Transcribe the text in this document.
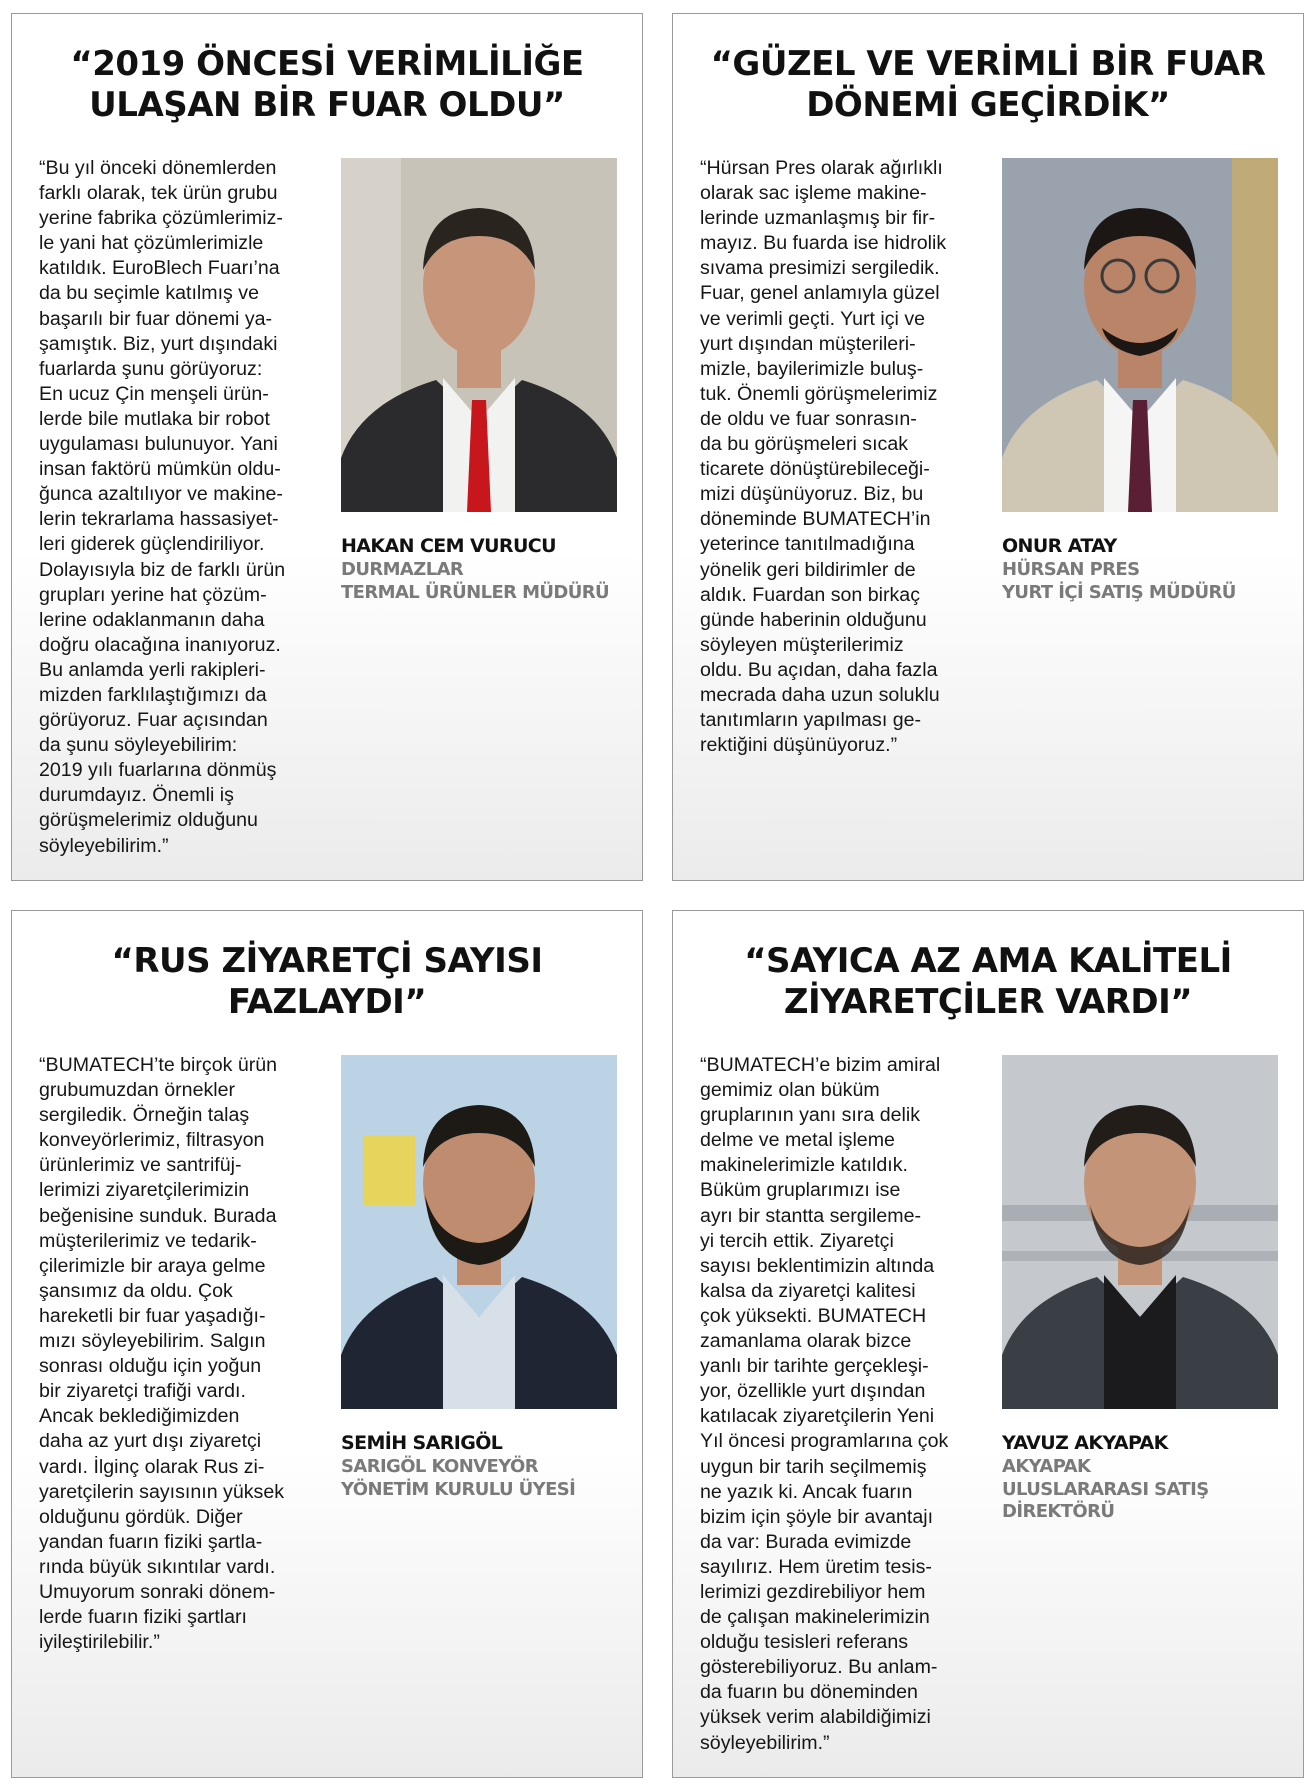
“2019 ÖNCESİ VERİMLİLİĞE ULAŞAN BİR FUAR OLDU”

“Bu yıl önceki dönemlerden
farklı olarak, tek ürün grubu
yerine fabrika çözümlerimiz-
le yani hat çözümlerimizle
katıldık. EuroBlech Fuarı’na
da bu seçimle katılmış ve
başarılı bir fuar dönemi ya-
şamıştık. Biz, yurt dışındaki
fuarlarda şunu görüyoruz:
En ucuz Çin menşeli ürün-
lerde bile mutlaka bir robot
uygulaması bulunuyor. Yani
insan faktörü mümkün oldu-
ğunca azaltılıyor ve makine-
lerin tekrarlama hassasiyet-
leri giderek güçlendiriliyor.
Dolayısıyla biz de farklı ürün
grupları yerine hat çözüm-
lerine odaklanmanın daha
doğru olacağına inanıyoruz.
Bu anlamda yerli rakipleri-
mizden farklılaştığımızı da
görüyoruz. Fuar açısından
da şunu söyleyebilirim:
2019 yılı fuarlarına dönmüş
durumdayız. Önemli iş
görüşmelerimiz olduğunu
söyleyebilirim.”

HAKAN CEM VURUCU
DURMAZLAR
TERMAL ÜRÜNLER MÜDÜRÜ
“GÜZEL VE VERİMLİ BİR FUAR DÖNEMİ GEÇİRDİK”

“Hürsan Pres olarak ağırlıklı
olarak sac işleme makine-
lerinde uzmanlaşmış bir fir-
mayız. Bu fuarda ise hidrolik
sıvama presimizi sergiledik.
Fuar, genel anlamıyla güzel
ve verimli geçti. Yurt içi ve
yurt dışından müşterileri-
mizle, bayilerimizle buluş-
tuk. Önemli görüşmelerimiz
de oldu ve fuar sonrasın-
da bu görüşmeleri sıcak
ticarete dönüştürebileceği-
mizi düşünüyoruz. Biz, bu
döneminde BUMATECH’in
yeterince tanıtılmadığına
yönelik geri bildirimler de
aldık. Fuardan son birkaç
günde haberinin olduğunu
söyleyen müşterilerimiz
oldu. Bu açıdan, daha fazla
mecrada daha uzun soluklu
tanıtımların yapılması ge-
rektiğini düşünüyoruz.”

ONUR ATAY
HÜRSAN PRES
YURT İÇİ SATIŞ MÜDÜRÜ
“RUS ZİYARETÇİ SAYISI FAZLAYDI”

“BUMATECH’te birçok ürün
grubumuzdan örnekler
sergiledik. Örneğin talaş
konveyörlerimiz, filtrasyon
ürünlerimiz ve santrifüj-
lerimizi ziyaretçilerimizin
beğenisine sunduk. Burada
müşterilerimiz ve tedarik-
çilerimizle bir araya gelme
şansımız da oldu. Çok
hareketli bir fuar yaşadığı-
mızı söyleyebilirim. Salgın
sonrası olduğu için yoğun
bir ziyaretçi trafiği vardı.
Ancak beklediğimizden
daha az yurt dışı ziyaretçi
vardı. İlginç olarak Rus zi-
yaretçilerin sayısının yüksek
olduğunu gördük. Diğer
yandan fuarın fiziki şartla-
rında büyük sıkıntılar vardı.
Umuyorum sonraki dönem-
lerde fuarın fiziki şartları
iyileştirilebilir.”

SEMİH SARIGÖL
SARIGÖL KONVEYÖR
YÖNETİM KURULU ÜYESİ
“SAYICA AZ AMA KALİTELİ ZİYARETÇİLER VARDI”

“BUMATECH’e bizim amiral
gemimiz olan büküm
gruplarının yanı sıra delik
delme ve metal işleme
makinelerimizle katıldık.
Büküm gruplarımızı ise
ayrı bir stantta sergileme-
yi tercih ettik. Ziyaretçi
sayısı beklentimizin altında
kalsa da ziyaretçi kalitesi
çok yüksekti. BUMATECH
zamanlama olarak bizce
yanlı bir tarihte gerçekleşi-
yor, özellikle yurt dışından
katılacak ziyaretçilerin Yeni
Yıl öncesi programlarına çok
uygun bir tarih seçilmemiş
ne yazık ki. Ancak fuarın
bizim için şöyle bir avantajı
da var: Burada evimizde
sayılırız. Hem üretim tesis-
lerimizi gezdirebiliyor hem
de çalışan makinelerimizin
olduğu tesisleri referans
gösterebiliyoruz. Bu anlam-
da fuarın bu döneminden
yüksek verim alabildiğimizi
söyleyebilirim.”

YAVUZ AKYAPAK
AKYAPAK
ULUSLARARASI SATIŞ
DİREKTÖRÜ
